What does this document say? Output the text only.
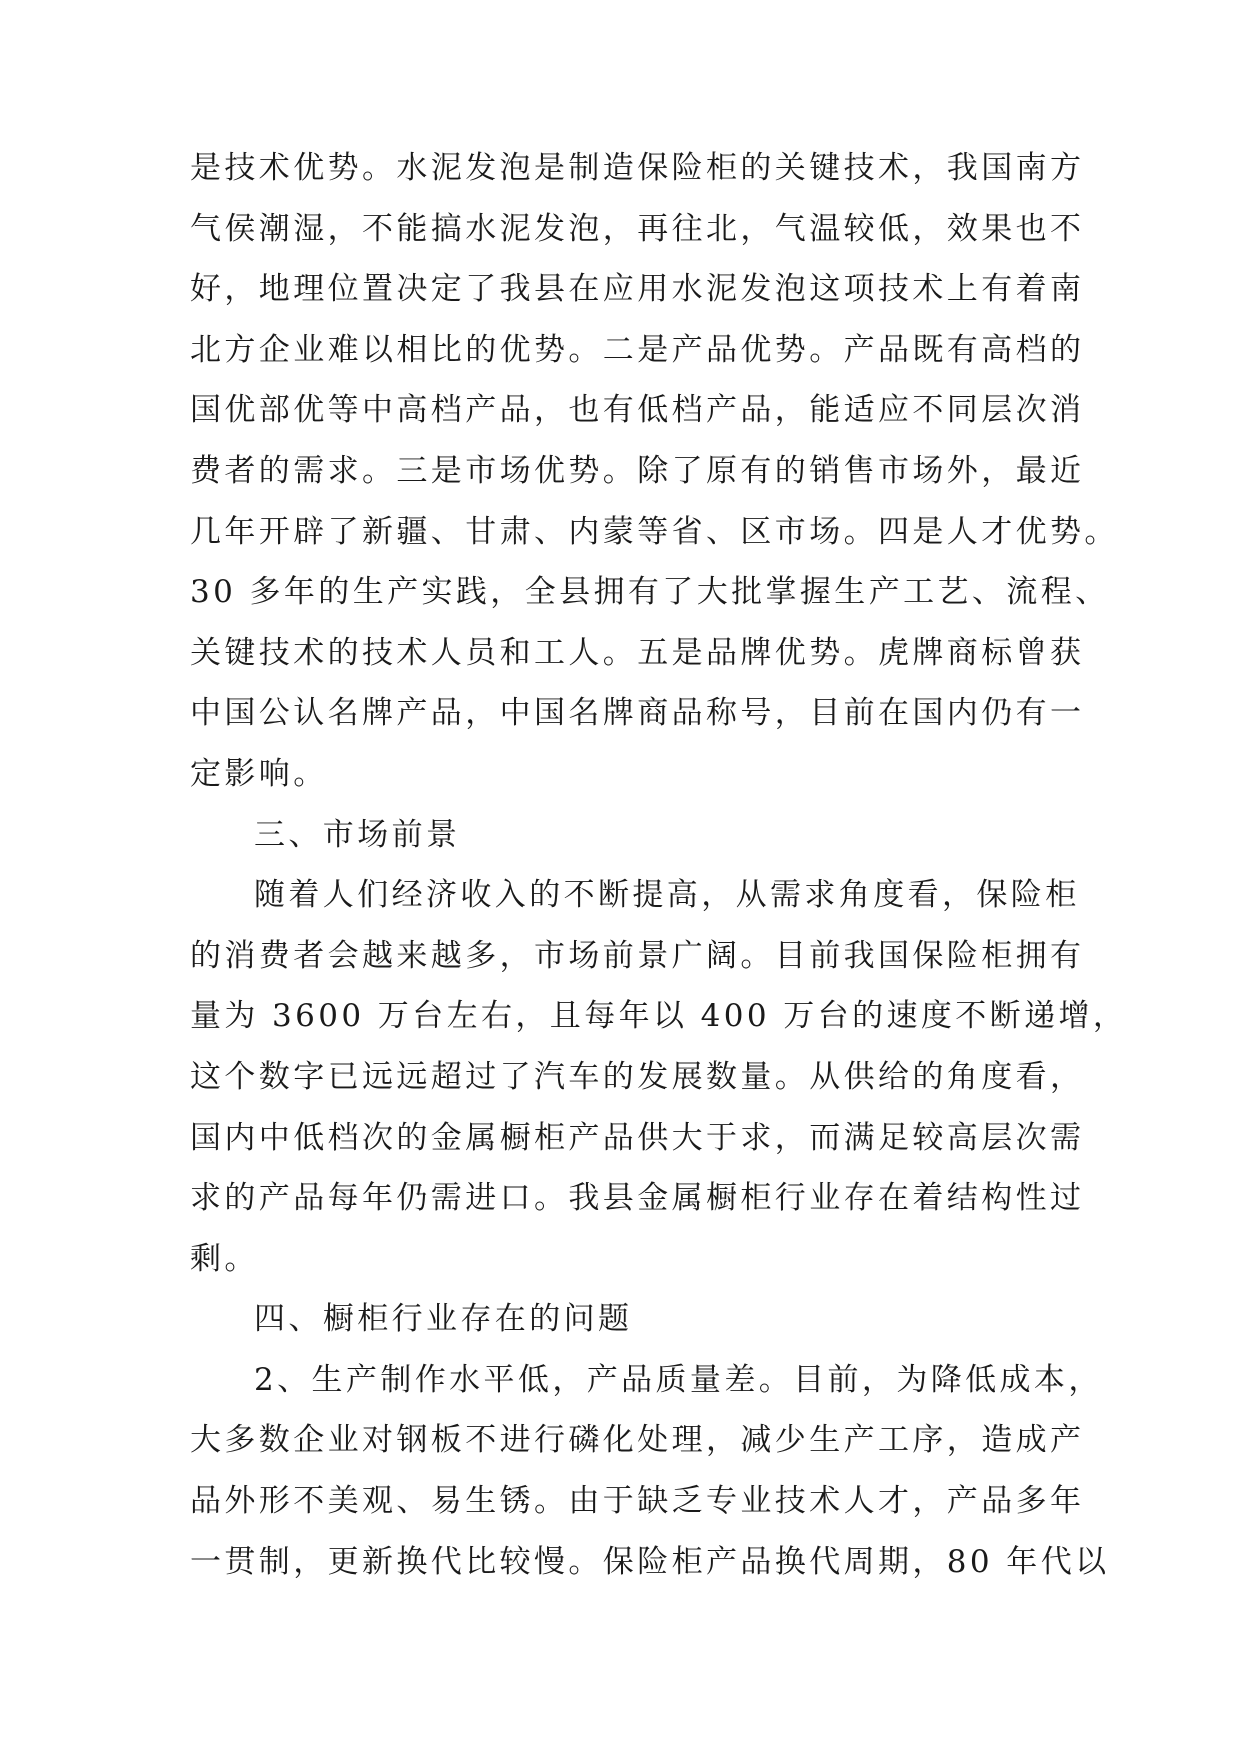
是技术优势。水泥发泡是制造保险柜的关键技术，我国南方
气侯潮湿，不能搞水泥发泡，再往北，气温较低，效果也不
好，地理位置决定了我县在应用水泥发泡这项技术上有着南
北方企业难以相比的优势。二是产品优势。产品既有高档的
国优部优等中高档产品，也有低档产品，能适应不同层次消
费者的需求。三是市场优势。除了原有的销售市场外，最近
几年开辟了新疆、甘肃、内蒙等省、区市场。四是人才优势。
30 多年的生产实践，全县拥有了大批掌握生产工艺、流程、
关键技术的技术人员和工人。五是品牌优势。虎牌商标曾获
中国公认名牌产品，中国名牌商品称号，目前在国内仍有一
定影响。
三、市场前景
随着人们经济收入的不断提高，从需求角度看，保险柜
的消费者会越来越多，市场前景广阔。目前我国保险柜拥有
量为 3600 万台左右，且每年以 400 万台的速度不断递增，
这个数字已远远超过了汽车的发展数量。从供给的角度看，
国内中低档次的金属橱柜产品供大于求，而满足较高层次需
求的产品每年仍需进口。我县金属橱柜行业存在着结构性过
剩。
四、橱柜行业存在的问题
2、生产制作水平低，产品质量差。目前，为降低成本，
大多数企业对钢板不进行磷化处理，减少生产工序，造成产
品外形不美观、易生锈。由于缺乏专业技术人才，产品多年
一贯制，更新换代比较慢。保险柜产品换代周期，80 年代以
